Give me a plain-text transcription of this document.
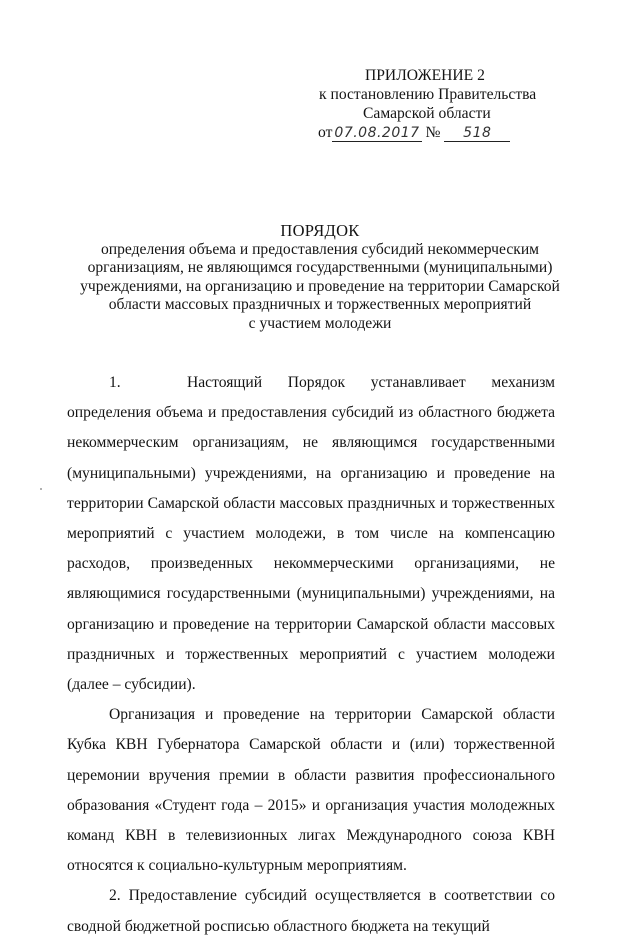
ПРИЛОЖЕНИЕ 2
к постановлению Правительства
Самарской области
от 07.08.2017 № 518
ПОРЯДОК
определения объема и предоставления субсидий некоммерческим
организациям, не являющимся государственными (муниципальными)
учреждениями, на организацию и проведение на территории Самарской
области массовых праздничных и торжественных мероприятий
с участием молодежи

1.	Настоящий Порядок устанавливает механизм определения объема и предоставления субсидий из областного бюджета некоммерческим организациям, не являющимся государственными (муниципальными) учреждениями, на организацию и проведение на территории Самарской области массовых праздничных и торжественных мероприятий с участием молодежи, в том числе на компенсацию расходов, произведенных некоммерческими организациями, не являющимися государственными (муниципальными) учреждениями, на организацию и проведение на территории Самарской области массовых праздничных и торжественных мероприятий с участием молодежи (далее – субсидии).

Организация и проведение на территории Самарской области Кубка КВН Губернатора Самарской области и (или) торжественной церемонии вручения премии в области развития профессионального образования «Студент года – 2015» и организация участия молодежных команд КВН в телевизионных лигах Международного союза КВН относятся к социально-культурным мероприятиям.

2. Предоставление субсидий осуществляется в соответствии со сводной бюджетной росписью областного бюджета на текущий
